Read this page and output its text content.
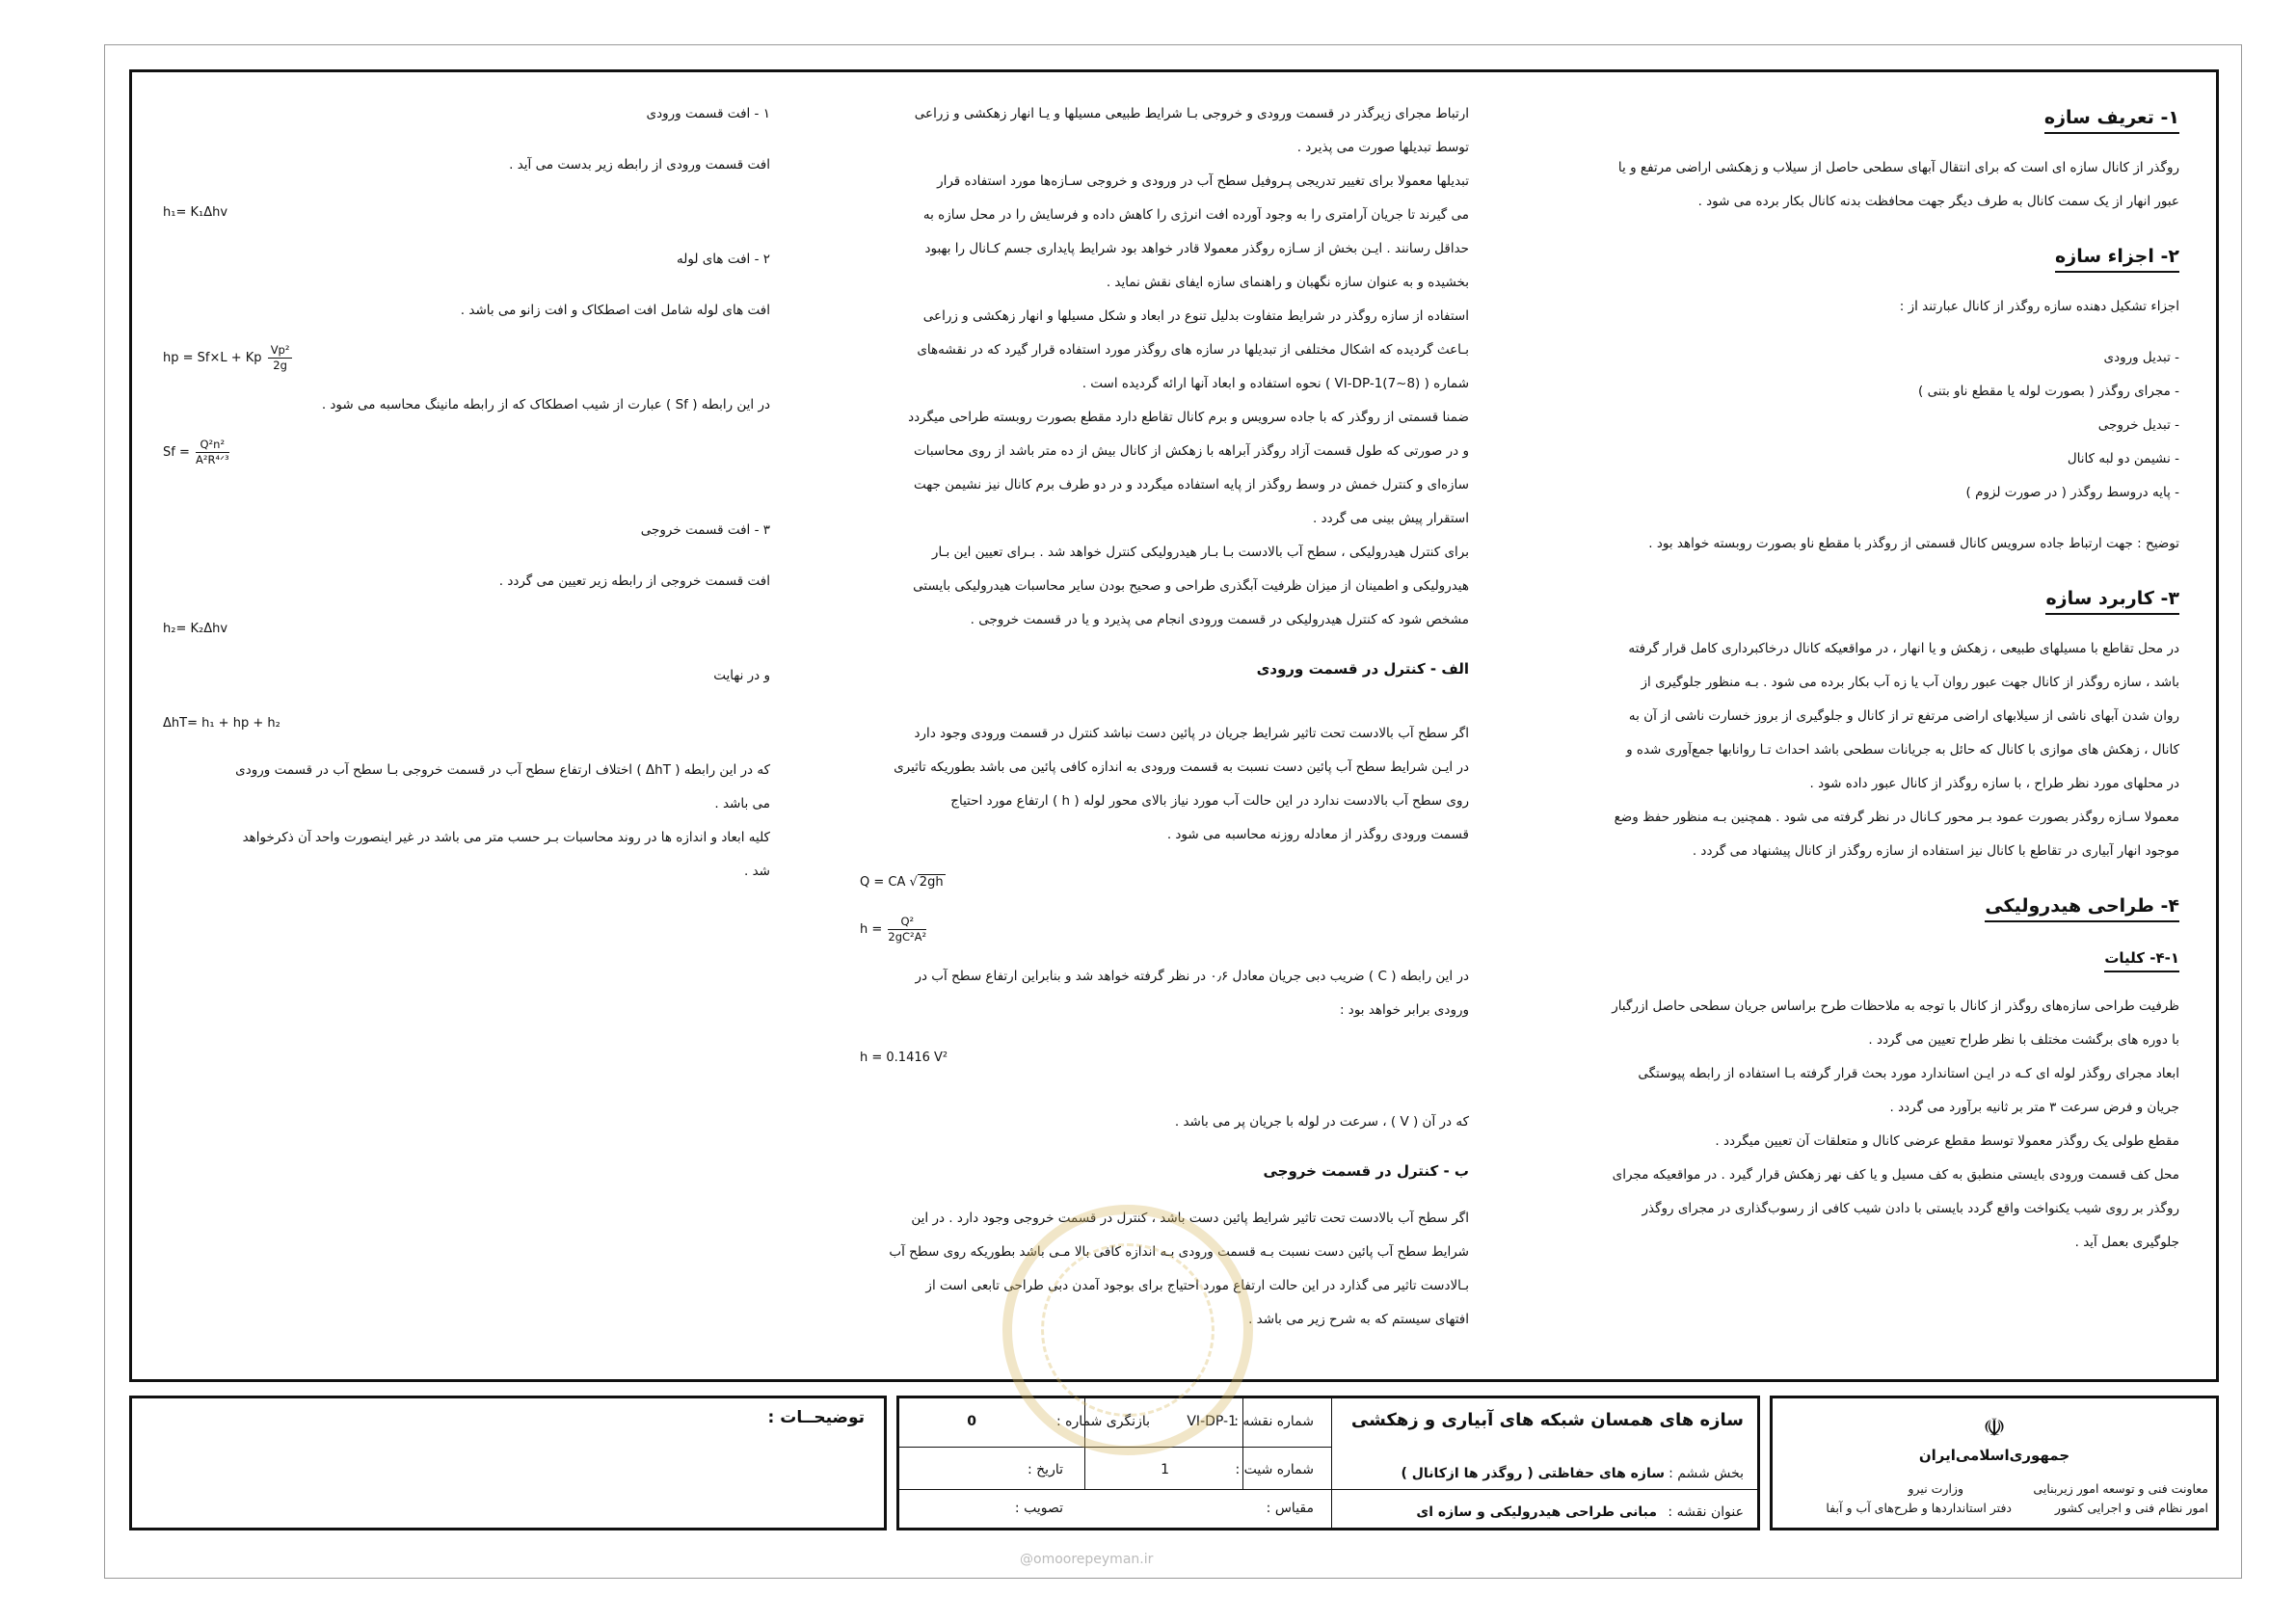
۱- تعریف سازه

روگذر از کانال سازه ای است که برای انتقال آبهای سطحی حاصل از سیلاب و زهکشی اراضی مرتفع و یا

عبور انهار از یک سمت کانال به طرف دیگر جهت محافظت بدنه کانال بکار برده می شود .

۲- اجزاء سازه

اجزاء تشکیل دهنده سازه روگذر از کانال عبارتند از :

- تبدیل ورودی

- مجرای روگذر ( بصورت لوله یا مقطع ناو بتنی )

- تبدیل خروجی

- نشیمن دو لبه کانال

- پایه دروسط روگذر ( در صورت لزوم )

توضیح : جهت ارتباط جاده سرویس کانال قسمتی از روگذر با مقطع ناو بصورت روبسته خواهد بود .

۳- کاربرد سازه

در محل تقاطع با مسیلهای طبیعی ، زهکش و یا انهار ، در مواقعیکه کانال درخاکبرداری کامل قرار گرفته

باشد ، سازه روگذر از کانال جهت عبور روان آب یا زه آب بکار برده می شود . بـه منظور جلوگیری از

روان شدن آبهای ناشی از سیلابهای اراضی مرتفع تر از کانال و جلوگیری از بروز خسارت ناشی از آن به

کانال ، زهکش های موازی با کانال که حائل به جریانات سطحی باشد احداث تـا روانابها جمع‌آوری شده و

در محلهای مورد نظر طراح ، با سازه روگذر از کانال عبور داده شود .

معمولا سـازه روگذر بصورت عمود بـر محور کـانال در نظر گرفته می شود . همچنین بـه منظور حفظ وضع

موجود انهار آبیاری در تقاطع با کانال نیز استفاده از سازه روگذر از کانال پیشنهاد می گردد .

۴- طراحی هیدرولیکی
۴-۱- کلیات

ظرفیت طراحی سازه‌های روگذر از کانال با توجه به ملاحظات طرح براساس جریان سطحی حاصل ازرگبار

با دوره های برگشت مختلف با نظر طراح تعیین می گردد .

ابعاد مجرای روگذر لوله ای کـه در ایـن استاندارد مورد بحث قرار گرفته بـا استفاده از رابطه پیوستگی

جریان و فرض سرعت ۳ متر بر ثانیه برآورد می گردد .

مقطع طولی یک روگذر معمولا توسط مقطع عرضی کانال و متعلقات آن تعیین میگردد .

محل کف قسمت ورودی بایستی منطبق به کف مسیل و یا کف نهر زهکش قرار گیرد . در مواقعیکه مجرای

روگذر بر روی شیب یکنواخت واقع گردد بایستی با دادن شیب کافی از رسوب‌گذاری در مجرای روگذر

جلوگیری بعمل آید .

ارتباط مجرای زیرگذر در قسمت ورودی و خروجی بـا شرایط طبیعی مسیلها و یـا انهار زهکشی و زراعی

توسط تبدیلها صورت می پذیرد .

تبدیلها معمولا برای تغییر تدریجی پـروفیل سطح آب در ورودی و خروجی سـازه‌ها مورد استفاده قرار

می گیرند تا جریان آرامتری را به وجود آورده افت انرژی را کاهش داده و فرسایش را در محل سازه به

حداقل رسانند . ایـن بخش از سـازه روگذر معمولا قادر خواهد بود شرایط پایداری جسم کـانال را بهبود

بخشیده و به عنوان سازه نگهبان و راهنمای سازه ایفای نقش نماید .

استفاده از سازه روگذر در شرایط متفاوت بدلیل تنوع در ابعاد و شکل مسیلها و انهار زهکشی و زراعی

بـاعث گردیده که اشکال مختلفی از تبدیلها در سازه های روگذر مورد استفاده قرار گیرد که در نقشه‌های

شماره ( VI-DP-1(7~8) ) نحوه استفاده و ابعاد آنها ارائه گردیده است .

ضمنا قسمتی از روگذر که با جاده سرویس و برم کانال تقاطع دارد مقطع بصورت روبسته طراحی میگردد

و در صورتی که طول قسمت آزاد روگذر آبراهه با زهکش از کانال بیش از ده متر باشد از روی محاسبات

سازه‌ای و کنترل خمش در وسط روگذر از پایه استفاده میگردد و در دو طرف برم کانال نیز نشیمن جهت

استقرار پیش بینی می گردد .

برای کنترل هیدرولیکی ، سطح آب بالادست بـا بـار هیدرولیکی کنترل خواهد شد . بـرای تعیین این بـار

هیدرولیکی و اطمینان از میزان ظرفیت آبگذری طراحی و صحیح بودن سایر محاسبات هیدرولیکی بایستی

مشخص شود که کنترل هیدرولیکی در قسمت ورودی انجام می پذیرد و یا در قسمت خروجی .

الف - کنترل در قسمت ورودی

اگر سطح آب بالادست تحت تاثیر شرایط جریان در پائین دست نباشد کنترل در قسمت ورودی وجود دارد

در ایـن شرایط سطح آب پائین دست نسبت به قسمت ورودی به اندازه کافی پائین می باشد بطوریکه تاثیری

روی سطح آب بالادست ندارد در این حالت آب مورد نیاز بالای محور لوله ( h ) ارتفاع مورد احتیاج

قسمت ورودی روگذر از معادله روزنه محاسبه می شود .

Q = CA √ 2gh
$h = \frac{\text{Q²}}{\text{2gC²A²}}$

در این رابطه ( C ) ضریب دبی جریان معادل ۰٫۶ در نظر گرفته خواهد شد و بنابراین ارتفاع سطح آب در

ورودی برابر خواهد بود :

h = 0.1416 V²

که در آن ( V ) ، سرعت در لوله با جریان پر می باشد .

ب - کنترل در قسمت خروجی

اگر سطح آب بالادست تحت تاثیر شرایط پائین دست باشد ، کنترل در قسمت خروجی وجود دارد . در این

شرایط سطح آب پائین دست نسبت بـه قسمت ورودی بـه اندازه کافی بالا مـی باشد بطوریکه روی سطح آب

بـالادست تاثیر می گذارد در این حالت ارتفاع مورد احتیاج برای بوجود آمدن دبی طراحی تابعی است از

افتهای سیستم که به شرح زیر می باشد .

۱ - افت قسمت ورودی

افت قسمت ورودی از رابطه زیر بدست می آید .

h₁= K₁Δhv

۲ - افت های لوله

افت های لوله شامل افت اصطکاک و افت زانو می باشد .

hp = Sf×L + Kp $\frac{\text{Vp²}}{2g}$

در این رابطه ( Sf ) عبارت از شیب اصطکاک که از رابطه مانینگ محاسبه می شود .

$Sf = \frac{\text{Q²n²}}{\text{A²R⁴ᐟ³}}$

۳ - افت قسمت خروجی

افت قسمت خروجی از رابطه زیر تعیین می گردد .

h₂= K₂Δhv

و در نهایت

ΔhT= h₁ + hp + h₂

که در این رابطه ( ΔhT ) اختلاف ارتفاع سطح آب در قسمت خروجی بـا سطح آب در قسمت ورودی

می باشد .

کلیه ابعاد و اندازه ها در روند محاسبات بـر حسب متر می باشد در غیر اینصورت واحد آن ذکرخواهد

شد .

توضیحــات :	سازه های همسان شبکه های آبیاری و زهکشی
شماره نقشه :
VI-DP-1
بازنگری شماره :
0
بخش ششم :
سازه های حفاظتی ( روگذر ها ازکانال )
شماره شیت :
1
تاریخ :
عنوان نقشه :
مبانی طراحی هیدرولیکی و سازه ای
مقیاس :
تصویب :
☫
جمهوری‌اسلامی‌ایران
معاونت فنی و توسعه امور زیربنایی
امور نظام فنی و اجرایی کشور
وزارت نیرو
دفتر استانداردها و طرح‌های آب و آبفا
@omoorepeyman.ir
